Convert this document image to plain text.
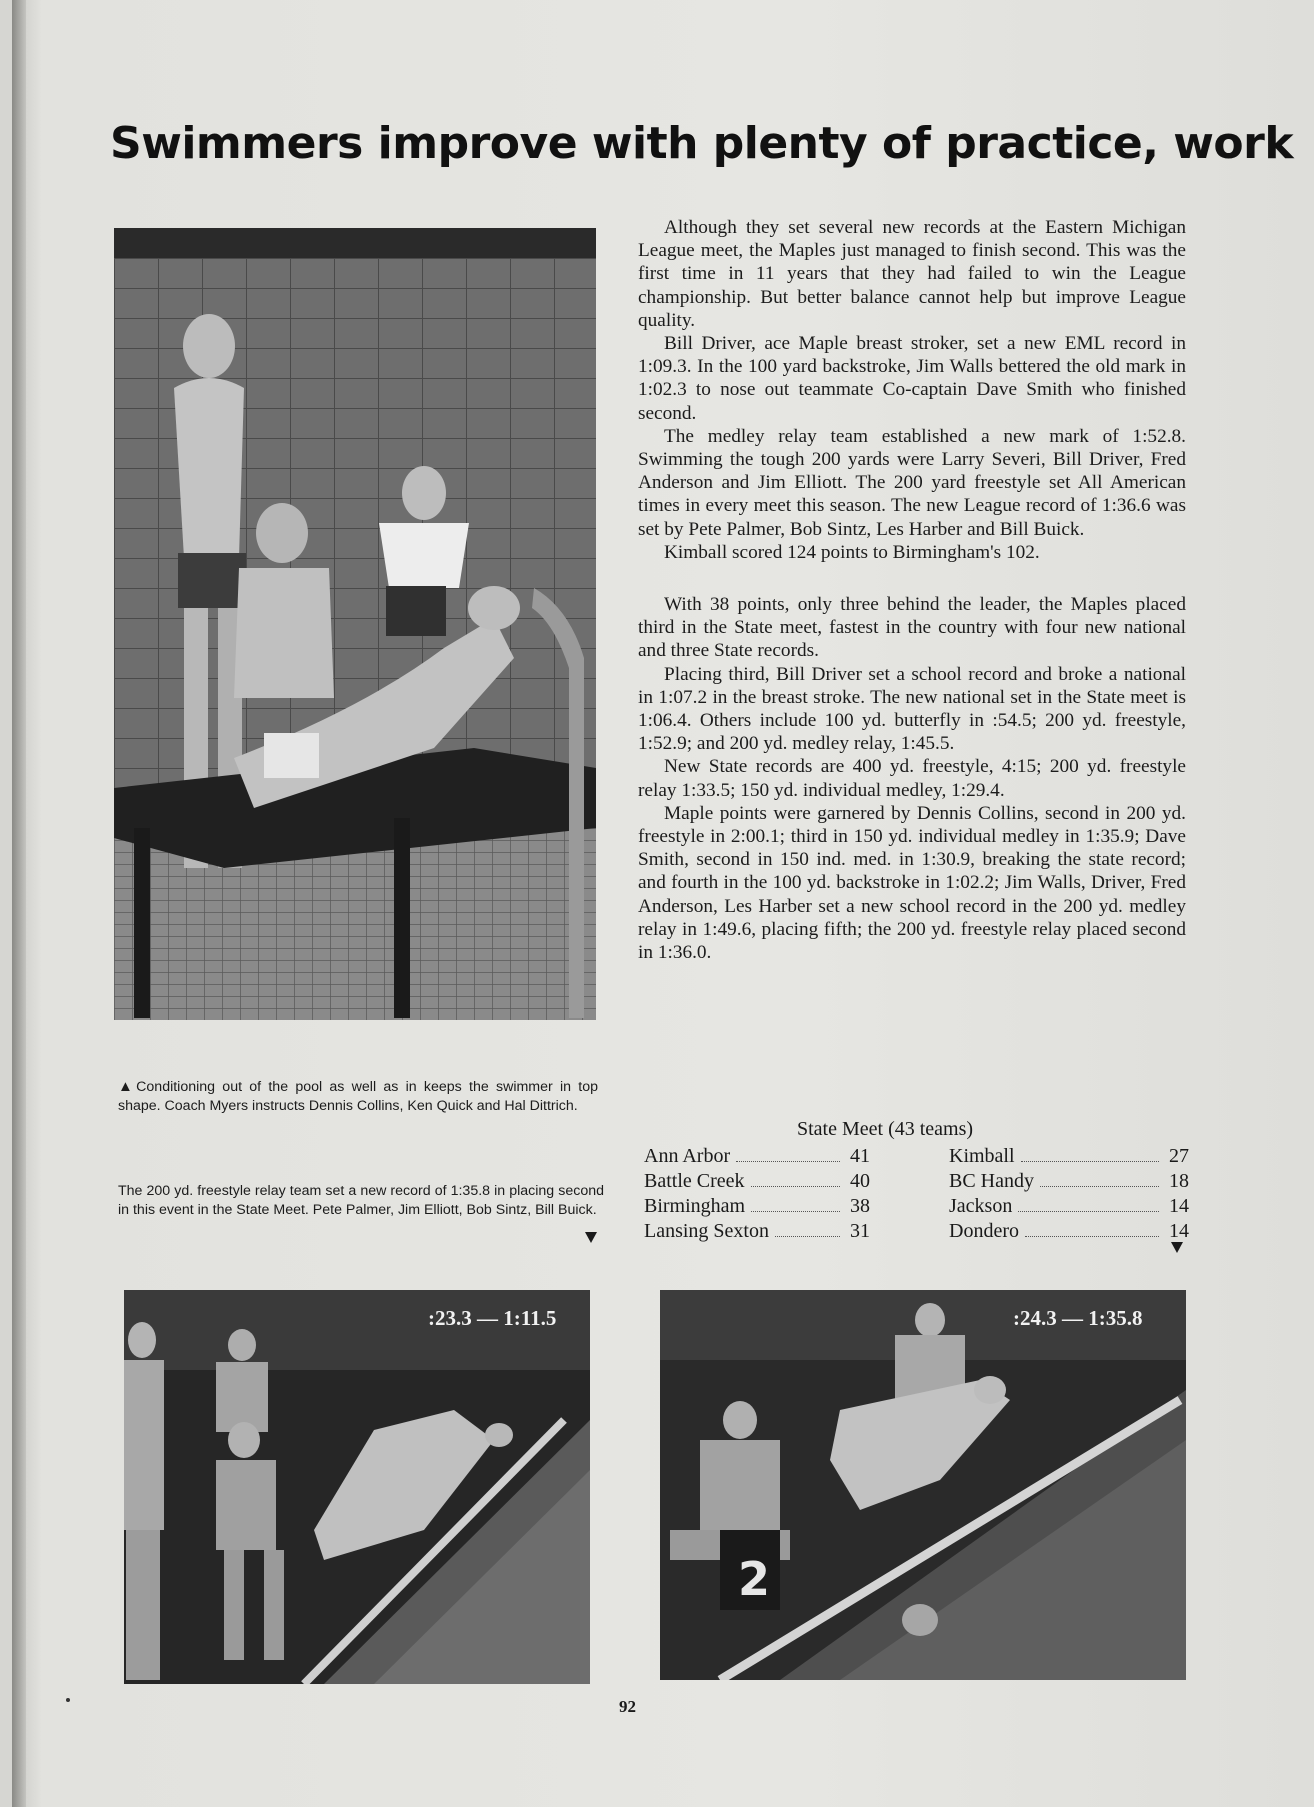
Swimmers improve with plenty of practice, work
▲Conditioning out of the pool as well as in keeps the swimmer in top shape. Coach Myers instructs Dennis Collins, Ken Quick and Hal Dittrich.
The 200 yd. freestyle relay team set a new record of 1:35.8 in placing second in this event in the State Meet. Pete Palmer, Jim Elliott, Bob Sintz, Bill Buick.

Although they set several new records at the Eastern Michigan League meet, the Maples just managed to finish second. This was the first time in 11 years that they had failed to win the League championship. But better balance cannot help but improve League quality.

Bill Driver, ace Maple breast stroker, set a new EML record in 1:09.3. In the 100 yard backstroke, Jim Walls bettered the old mark in 1:02.3 to nose out teammate Co-captain Dave Smith who finished second.

The medley relay team established a new mark of 1:52.8. Swimming the tough 200 yards were Larry Severi, Bill Driver, Fred Anderson and Jim Elliott. The 200 yard freestyle set All American times in every meet this season. The new League record of 1:36.6 was set by Pete Palmer, Bob Sintz, Les Harber and Bill Buick.

Kimball scored 124 points to Birmingham's 102.

With 38 points, only three behind the leader, the Maples placed third in the State meet, fastest in the country with four new national and three State records.

Placing third, Bill Driver set a school record and broke a national in 1:07.2 in the breast stroke. The new national set in the State meet is 1:06.4. Others include 100 yd. butterfly in :54.5; 200 yd. freestyle, 1:52.9; and 200 yd. medley relay, 1:45.5.

New State records are 400 yd. freestyle, 4:15; 200 yd. freestyle relay 1:33.5; 150 yd. individual medley, 1:29.4.

Maple points were garnered by Dennis Collins, second in 200 yd. freestyle in 2:00.1; third in 150 yd. individual medley in 1:35.9; Dave Smith, second in 150 ind. med. in 1:30.9, breaking the state record; and fourth in the 100 yd. backstroke in 1:02.2; Jim Walls, Driver, Fred Anderson, Les Harber set a new school record in the 200 yd. medley relay in 1:49.6, placing fifth; the 200 yd. freestyle relay placed second in 1:36.0.

State Meet (43 teams)
Ann Arbor	41
Battle Creek	40
Birmingham	38
Lansing Sexton	31
Kimball	27
BC Handy	18
Jackson	14
Dondero	14
:23.3 — 1:11.5
2
:24.3 — 1:35.8
92
